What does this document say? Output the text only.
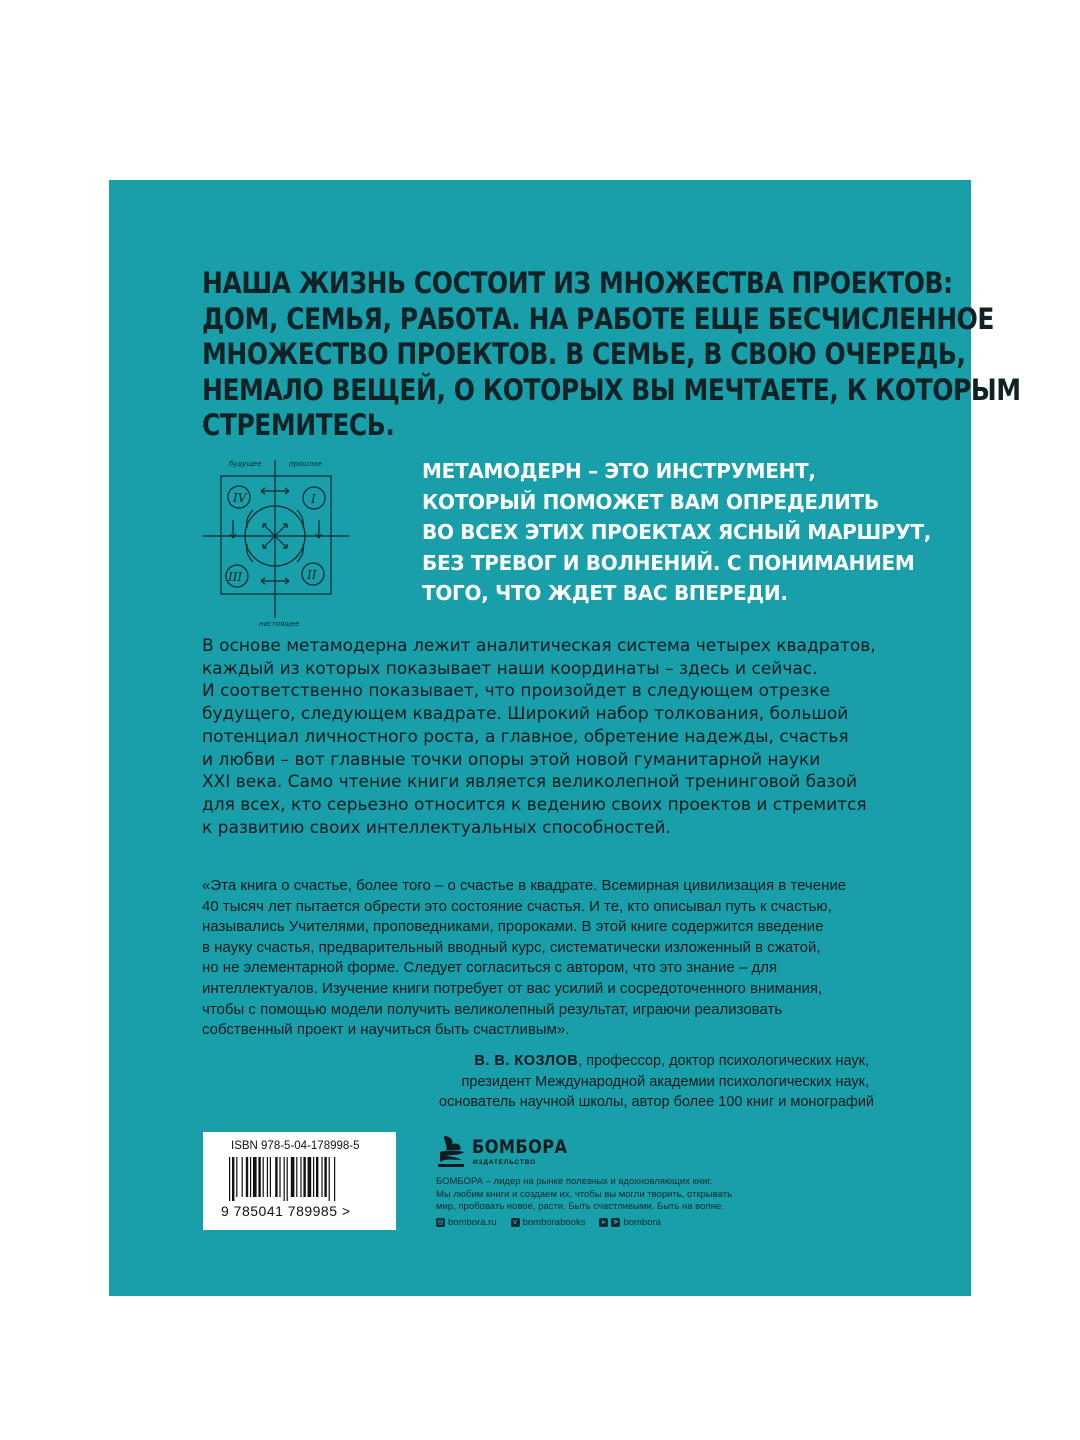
НАША ЖИЗНЬ СОСТОИТ ИЗ МНОЖЕСТВА ПРОЕКТОВ:
ДОМ, СЕМЬЯ, РАБОТА. НА РАБОТЕ ЕЩЕ БЕСЧИСЛЕННОЕ
МНОЖЕСТВО ПРОЕКТОВ. В СЕМЬЕ, В СВОЮ ОЧЕРЕДЬ,
НЕМАЛО ВЕЩЕЙ, О КОТОРЫХ ВЫ МЕЧТАЕТЕ, К КОТОРЫМ
СТРЕМИТЕСЬ.
будущее	прошлое
IV	I
III	II
настоящее
МЕТАМОДЕРН – ЭТО ИНСТРУМЕНТ,
КОТОРЫЙ ПОМОЖЕТ ВАМ ОПРЕДЕЛИТЬ
ВО ВСЕХ ЭТИХ ПРОЕКТАХ ЯСНЫЙ МАРШРУТ,
БЕЗ ТРЕВОГ И ВОЛНЕНИЙ. С ПОНИМАНИЕМ
ТОГО, ЧТО ЖДЕТ ВАС ВПЕРЕДИ.
В основе метамодерна лежит аналитическая система четырех квадратов,
каждый из которых показывает наши координаты – здесь и сейчас.
И соответственно показывает, что произойдет в следующем отрезке
будущего, следующем квадрате. Широкий набор толкования, большой
потенциал личностного роста, а главное, обретение надежды, счастья
и любви – вот главные точки опоры этой новой гуманитарной науки
XXI века. Само чтение книги является великолепной тренинговой базой
для всех, кто серьезно относится к ведению своих проектов и стремится
к развитию своих интеллектуальных способностей.
«Эта книга о счастье, более того – о счастье в квадрате. Всемирная цивилизация в течение
40 тысяч лет пытается обрести это состояние счастья. И те, кто описывал путь к счастью,
назывались Учителями, проповедниками, пророками. В этой книге содержится введение
в науку счастья, предварительный вводный курс, систематически изложенный в сжатой,
но не элементарной форме. Следует согласиться с автором, что это знание – для
интеллектуалов. Изучение книги потребует от вас усилий и сосредоточенного внимания,
чтобы с помощью модели получить великолепный результат, играючи реализовать
собственный проект и научиться быть счастливым».
В. В. КОЗЛОВ, профессор, доктор психологических наук,
президент Международной академии психологических наук,
основатель научной школы, автор более 100 книг и монографий
ISBN 978-5-04-178998-5
9 785041 789985 >
БОМБОРА
ИЗДАТЕЛЬСТВО
БОМБОРА – лидер на рынке полезных и вдохновляющих книг.
Мы любим книги и создаем их, чтобы вы могли творить, открывать
мир, пробовать новое, расти. Быть счастливыми. Быть на волне.
◎ bombora.ru	v bomborabooks	▸	➤ bombora
